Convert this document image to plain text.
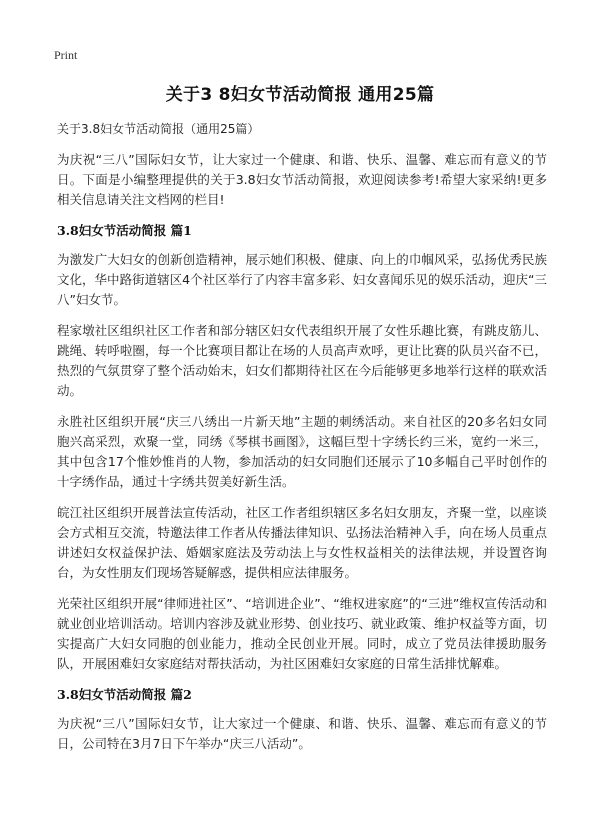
Print
关于3 8妇女节活动简报 通用25篇
关于3.8妇女节活动简报（通用25篇）

为庆祝“三八”国际妇女节，让大家过一个健康、和谐、快乐、温馨、难忘而有意义的节日。下面是小编整理提供的关于3.8妇女节活动简报，欢迎阅读参考!希望大家采纳!更多相关信息请关注文档网的栏目!

3.8妇女节活动简报 篇1

为激发广大妇女的创新创造精神，展示她们积极、健康、向上的巾帼风采，弘扬优秀民族文化，华中路街道辖区4个社区举行了内容丰富多彩、妇女喜闻乐见的娱乐活动，迎庆“三八”妇女节。

程家墩社区组织社区工作者和部分辖区妇女代表组织开展了女性乐趣比赛，有跳皮筋儿、跳绳、转呼啦圈，每一个比赛项目都让在场的人员高声欢呼，更让比赛的队员兴奋不已，热烈的气氛贯穿了整个活动始末，妇女们都期待社区在今后能够更多地举行这样的联欢活动。

永胜社区组织开展“庆三八绣出一片新天地”主题的刺绣活动。来自社区的20多名妇女同胞兴高采烈，欢聚一堂，同绣《琴棋书画图》，这幅巨型十字绣长约三米，宽约一米三，其中包含17个惟妙惟肖的人物，参加活动的妇女同胞们还展示了10多幅自己平时创作的十字绣作品，通过十字绣共贺美好新生活。

皖江社区组织开展普法宣传活动，社区工作者组织辖区多名妇女朋友，齐聚一堂，以座谈会方式相互交流，特邀法律工作者从传播法律知识、弘扬法治精神入手，向在场人员重点讲述妇女权益保护法、婚姻家庭法及劳动法上与女性权益相关的法律法规，并设置咨询台，为女性朋友们现场答疑解惑，提供相应法律服务。

光荣社区组织开展“律师进社区”、“培训进企业”、“维权进家庭”的“三进”维权宣传活动和就业创业培训活动。培训内容涉及就业形势、创业技巧、就业政策、维护权益等方面，切实提高广大妇女同胞的创业能力，推动全民创业开展。同时，成立了党员法律援助服务队，开展困难妇女家庭结对帮扶活动，为社区困难妇女家庭的日常生活排忧解难。

3.8妇女节活动简报 篇2

为庆祝“三八”国际妇女节，让大家过一个健康、和谐、快乐、温馨、难忘而有意义的节日，公司特在3月7日下午举办“庆三八活动”。
